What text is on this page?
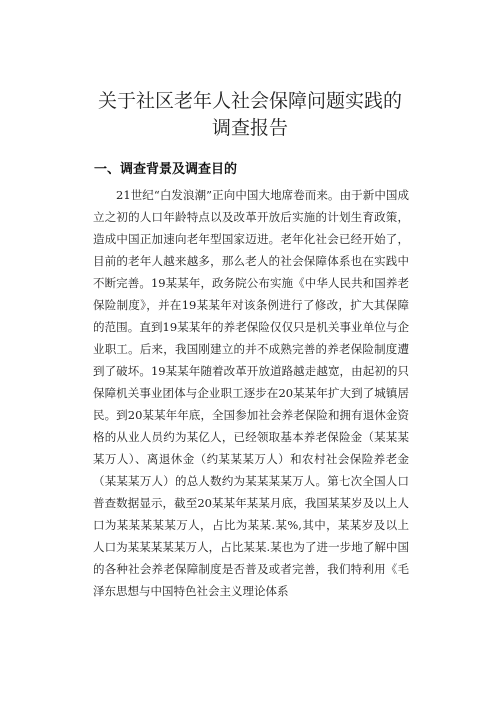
关于社区老年人社会保障问题实践的
调查报告
一、调查背景及调查目的

21世纪“白发浪潮”正向中国大地席卷而来。由于新中国成立之初的人口年龄特点以及改革开放后实施的计划生育政策，造成中国正加速向老年型国家迈进。老年化社会已经开始了，目前的老年人越来越多，那么老人的社会保障体系也在实践中不断完善。19某某年，政务院公布实施《中华人民共和国养老保险制度》，并在19某某年对该条例进行了修改，扩大其保障的范围。直到19某某年的养老保险仅仅只是机关事业单位与企业职工。后来，我国刚建立的并不成熟完善的养老保险制度遭到了破坏。19某某年随着改革开放道路越走越宽，由起初的只保障机关事业团体与企业职工逐步在20某某年扩大到了城镇居民。到20某某年年底，全国参加社会养老保险和拥有退休金资格的从业人员约为某亿人，已经领取基本养老保险金（某某某某万人）、离退休金（约某某某万人）和农村社会保险养老金（某某某万人）的总人数约为某某某某万人。第七次全国人口普查数据显示，截至20某某年某某月底，我国某某岁及以上人口为某某某某某万人，占比为某某.某%,其中，某某岁及以上人口为某某某某某万人，占比某某.某也为了进一步地了解中国的各种社会养老保障制度是否普及或者完善，我们特利用《毛泽东思想与中国特色社会主义理论体系
